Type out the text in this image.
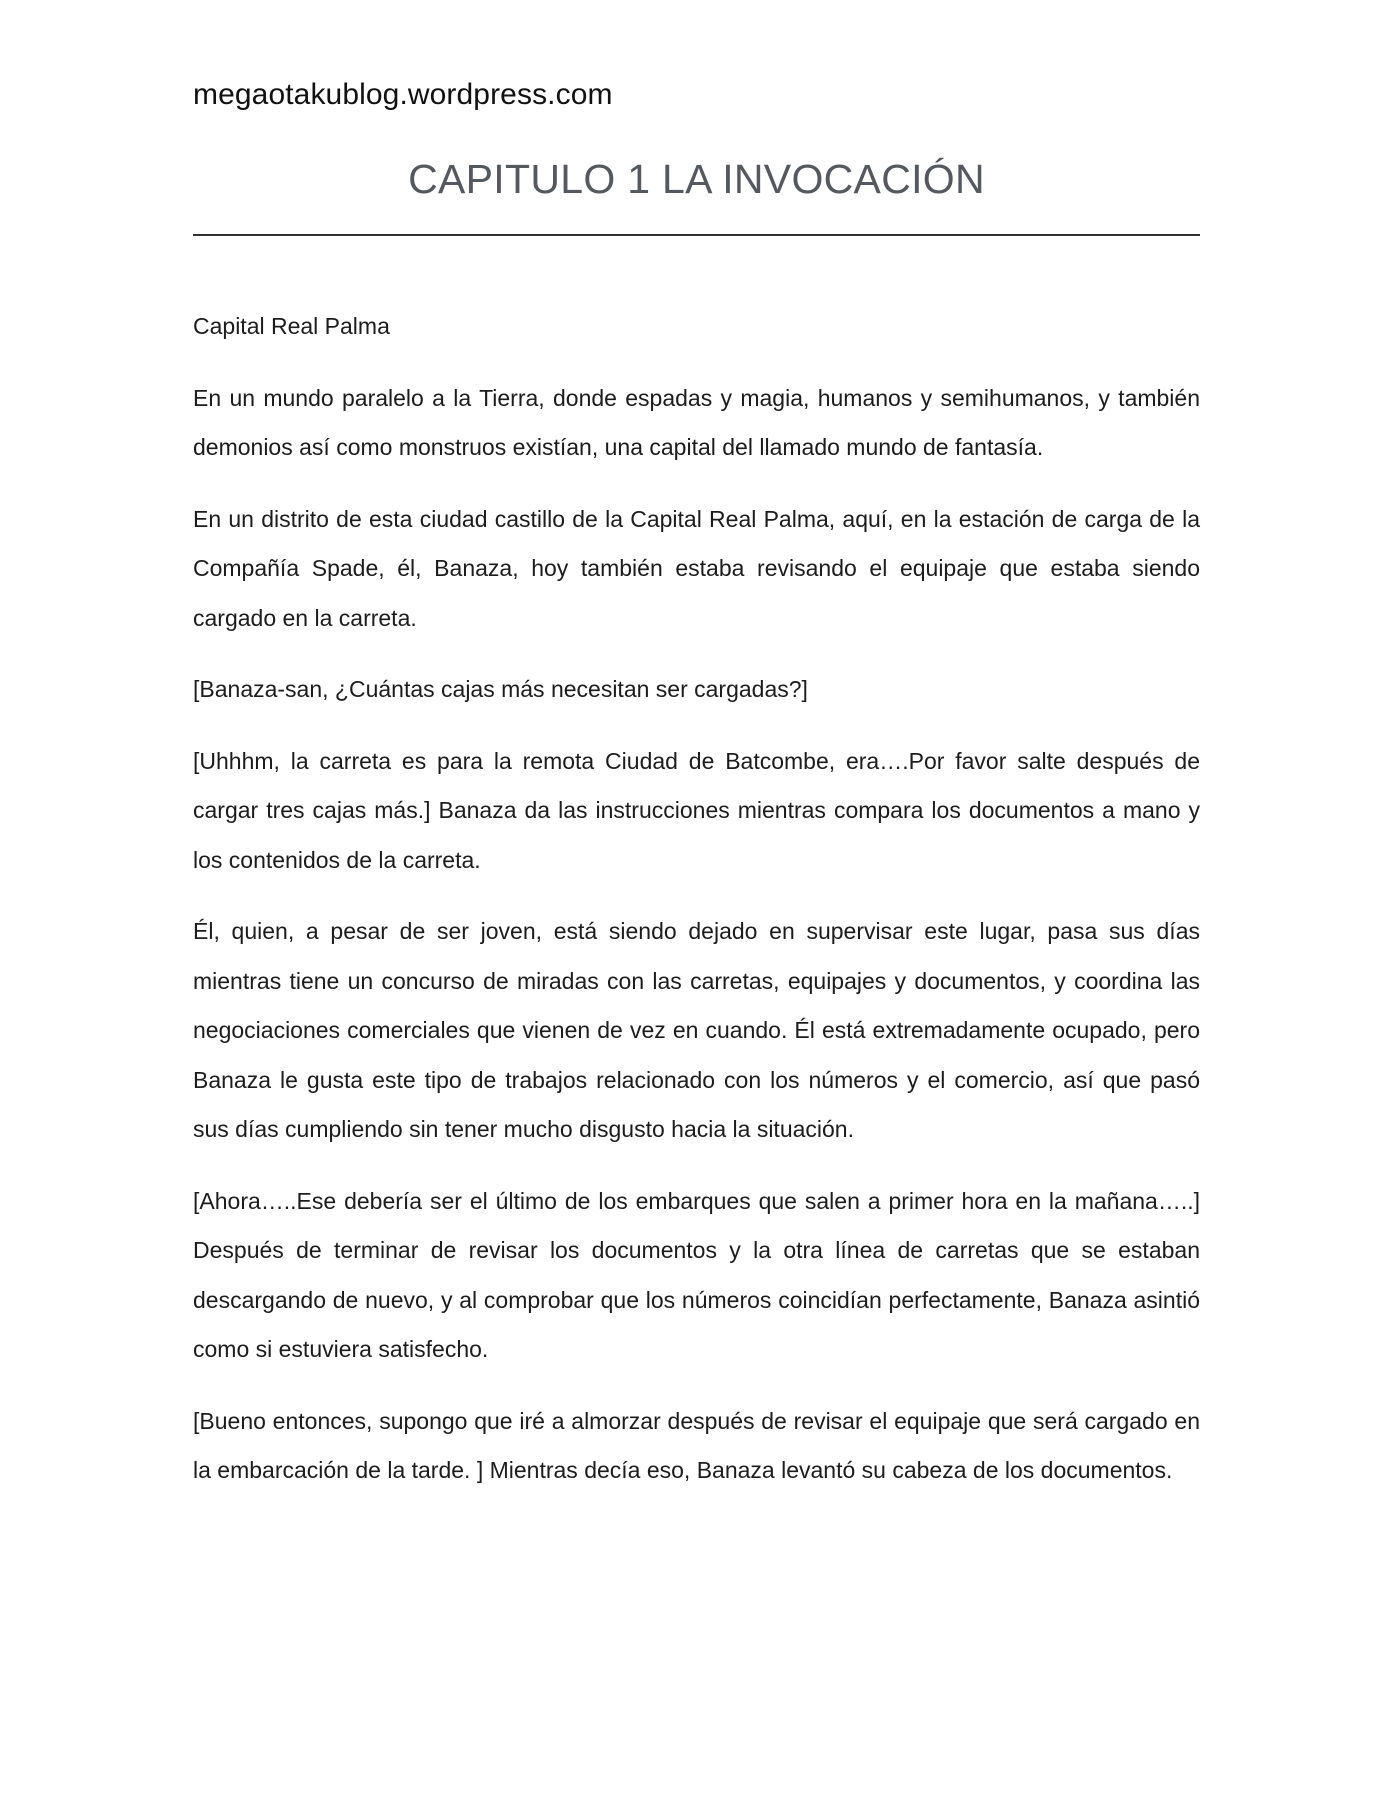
megaotakublog.wordpress.com
CAPITULO 1 LA INVOCACIÓN

Capital Real Palma

En un mundo paralelo a la Tierra, donde espadas y magia, humanos y semihumanos, y también demonios así como monstruos existían, una capital del llamado mundo de fantasía.

En un distrito de esta ciudad castillo de la Capital Real Palma, aquí, en la estación de carga de la Compañía Spade, él, Banaza, hoy también estaba revisando el equipaje que estaba siendo cargado en la carreta.

[Banaza-san, ¿Cuántas cajas más necesitan ser cargadas?]

[Uhhhm, la carreta es para la remota Ciudad de Batcombe, era….Por favor salte después de cargar tres cajas más.] Banaza da las instrucciones mientras compara los documentos a mano y los contenidos de la carreta.

Él, quien, a pesar de ser joven, está siendo dejado en supervisar este lugar, pasa sus días mientras tiene un concurso de miradas con las carretas, equipajes y documentos, y coordina las negociaciones comerciales que vienen de vez en cuando. Él está extremadamente ocupado, pero Banaza le gusta este tipo de trabajos relacionado con los números y el comercio, así que pasó sus días cumpliendo sin tener mucho disgusto hacia la situación.

[Ahora…..Ese debería ser el último de los embarques que salen a primer hora en la mañana…..] Después de terminar de revisar los documentos y la otra línea de carretas que se estaban descargando de nuevo, y al comprobar que los números coincidían perfectamente, Banaza asintió como si estuviera satisfecho.

[Bueno entonces, supongo que iré a almorzar después de revisar el equipaje que será cargado en la embarcación de la tarde. ] Mientras decía eso, Banaza levantó su cabeza de los documentos.
